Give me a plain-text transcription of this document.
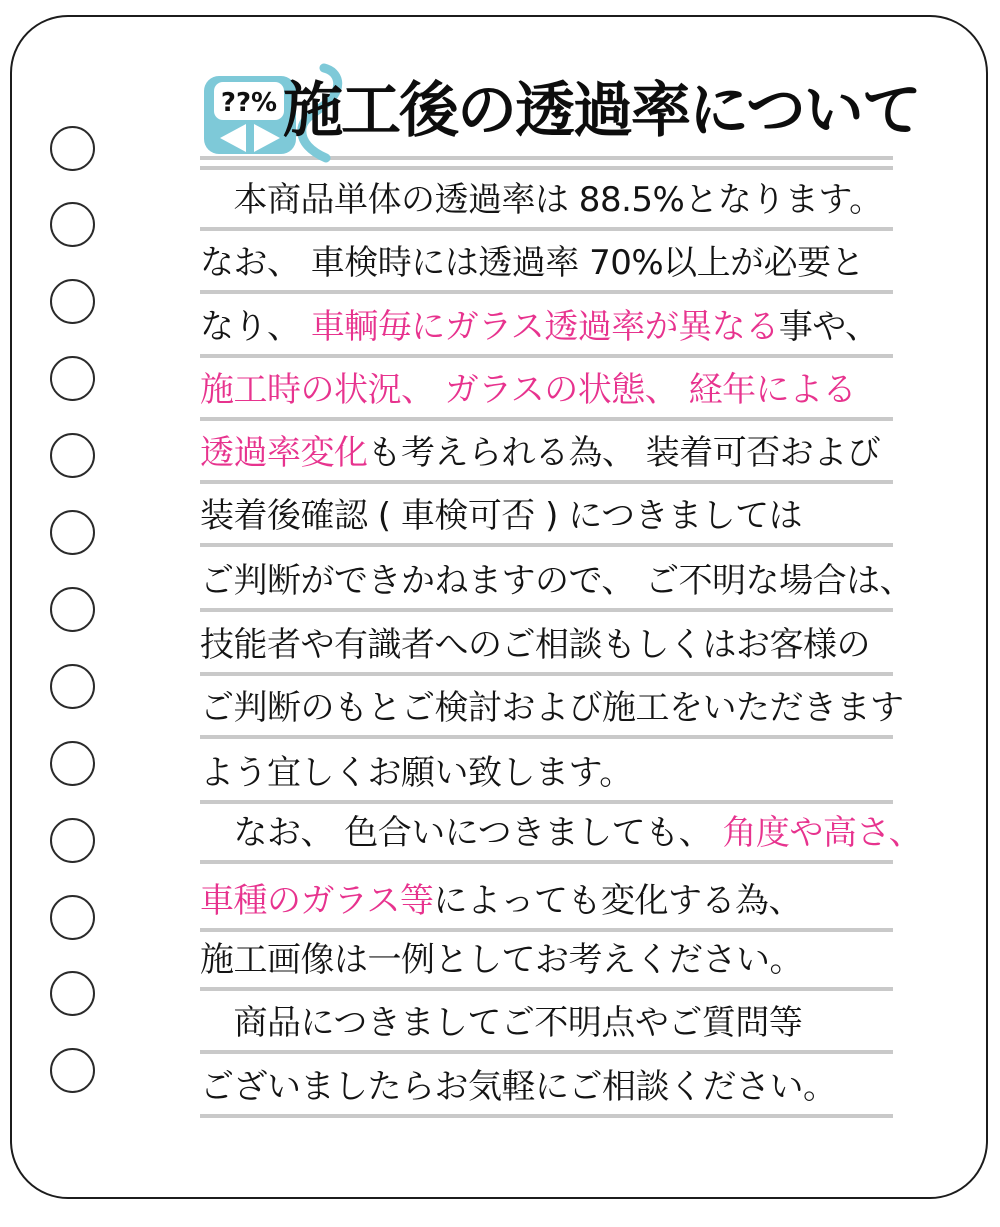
??% 施工後の透過率について

　本商品単体の透過率は 88.5%となります。

なお、 車検時には透過率 70%以上が必要と

なり、 車輌毎にガラス透過率が異なる事や、

施工時の状況、 ガラスの状態、 経年による

透過率変化も考えられる為、 装着可否および

装着後確認 ( 車検可否 ) につきましては

ご判断ができかねますので、 ご不明な場合は、

技能者や有識者へのご相談もしくはお客様の

ご判断のもとご検討および施工をいただきます

よう宜しくお願い致します。

　なお、 色合いにつきましても、 角度や高さ、

車種のガラス等によっても変化する為、

施工画像は一例としてお考えください。

　商品につきましてご不明点やご質問等

ございましたらお気軽にご相談ください。
